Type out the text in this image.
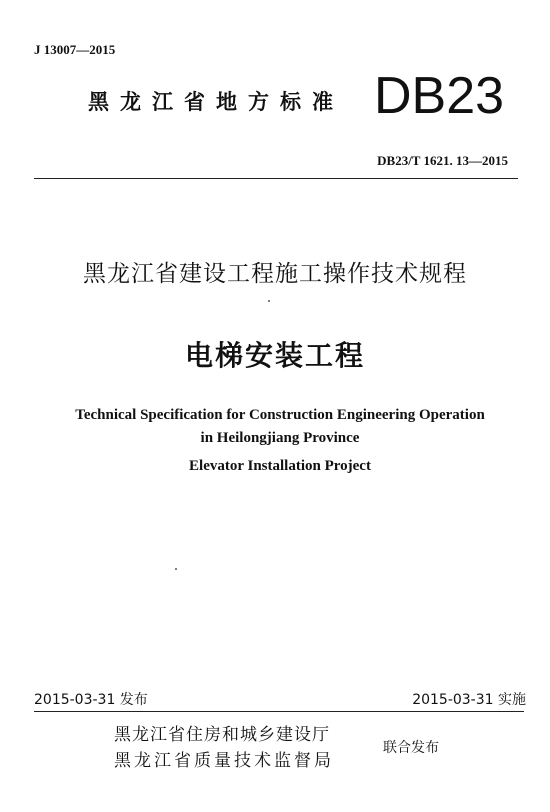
J 13007—2015
黑龙江省地方标准 DB23
DB23/T 1621. 13—2015
黑龙江省建设工程施工操作技术规程
电梯安装工程
Technical Specification for Construction Engineering Operation
in Heilongjiang Province
Elevator Installation Project
2015-03-31 发布	2015-03-31 实施
黑龙江省住房和城乡建设厅
黑龙江省质量技术监督局
联合发布
